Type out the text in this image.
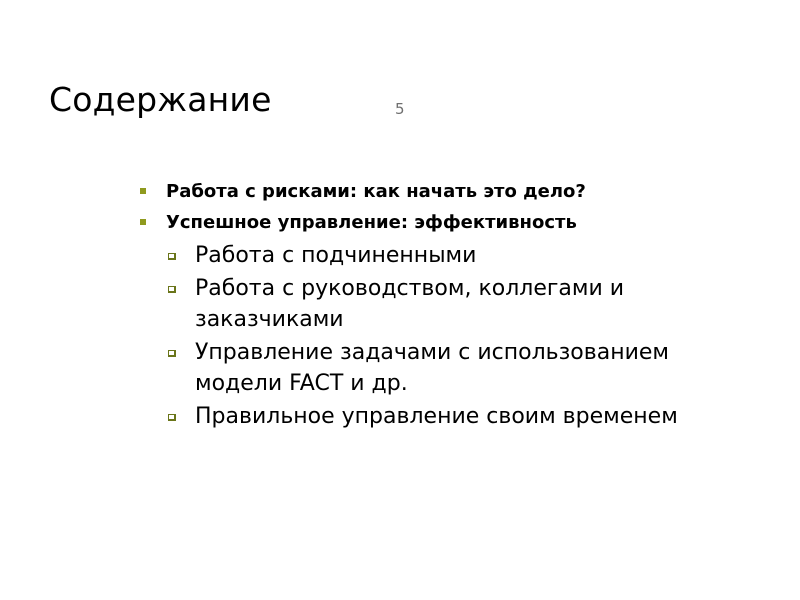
Содержание	5
Работа с рисками: как начать это дело?
Успешное управление: эффективность
Работа с подчиненными
Работа с руководством, коллегами и заказчиками
Управление задачами с использованием модели FACT и др.
Правильное управление своим временем
